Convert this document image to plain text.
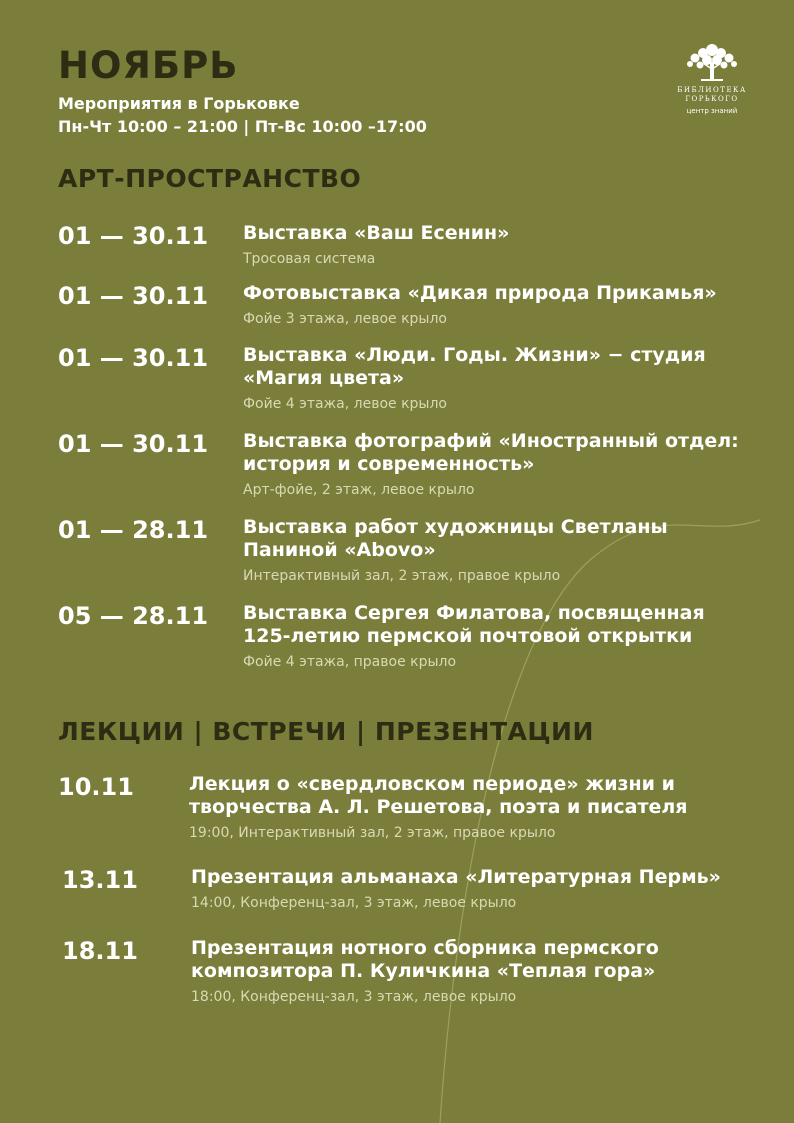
НОЯБРЬ
Мероприятия в Горьковке
Пн-Чт 10:00 – 21:00 | Пт-Вс 10:00 –17:00
БИБЛИОТЕКА
ГОРЬКОГО
центр знаний
АРТ-ПРОСТРАНСТВО
01 — 30.11 Выставка «Ваш Есенин»
Тросовая система
01 — 30.11 Фотовыставка «Дикая природа Прикамья»
Фойе 3 этажа, левое крыло
01 — 30.11 Выставка «Люди. Годы. Жизни» − студия «Магия цвета»
Фойе 4 этажа, левое крыло
01 — 30.11 Выставка фотографий «Иностранный отдел: история и современность»
Арт-фойе, 2 этаж, левое крыло
01 — 28.11 Выставка работ художницы Светланы Паниной «Abovo»
Интерактивный зал, 2 этаж, правое крыло
05 — 28.11 Выставка Сергея Филатова, посвященная 125-летию пермской почтовой открытки
Фойе 4 этажа, правое крыло
ЛЕКЦИИ | ВСТРЕЧИ | ПРЕЗЕНТАЦИИ
10.11	Лекция о «свердловском периоде» жизни и творчества А. Л. Решетова, поэта и писателя
19:00, Интерактивный зал, 2 этаж, правое крыло
13.11	Презентация альманаха «Литературная Пермь»
14:00, Конференц-зал, 3 этаж, левое крыло
18.11	Презентация нотного сборника пермского композитора П. Куличкина «Теплая гора»
18:00, Конференц-зал, 3 этаж, левое крыло
